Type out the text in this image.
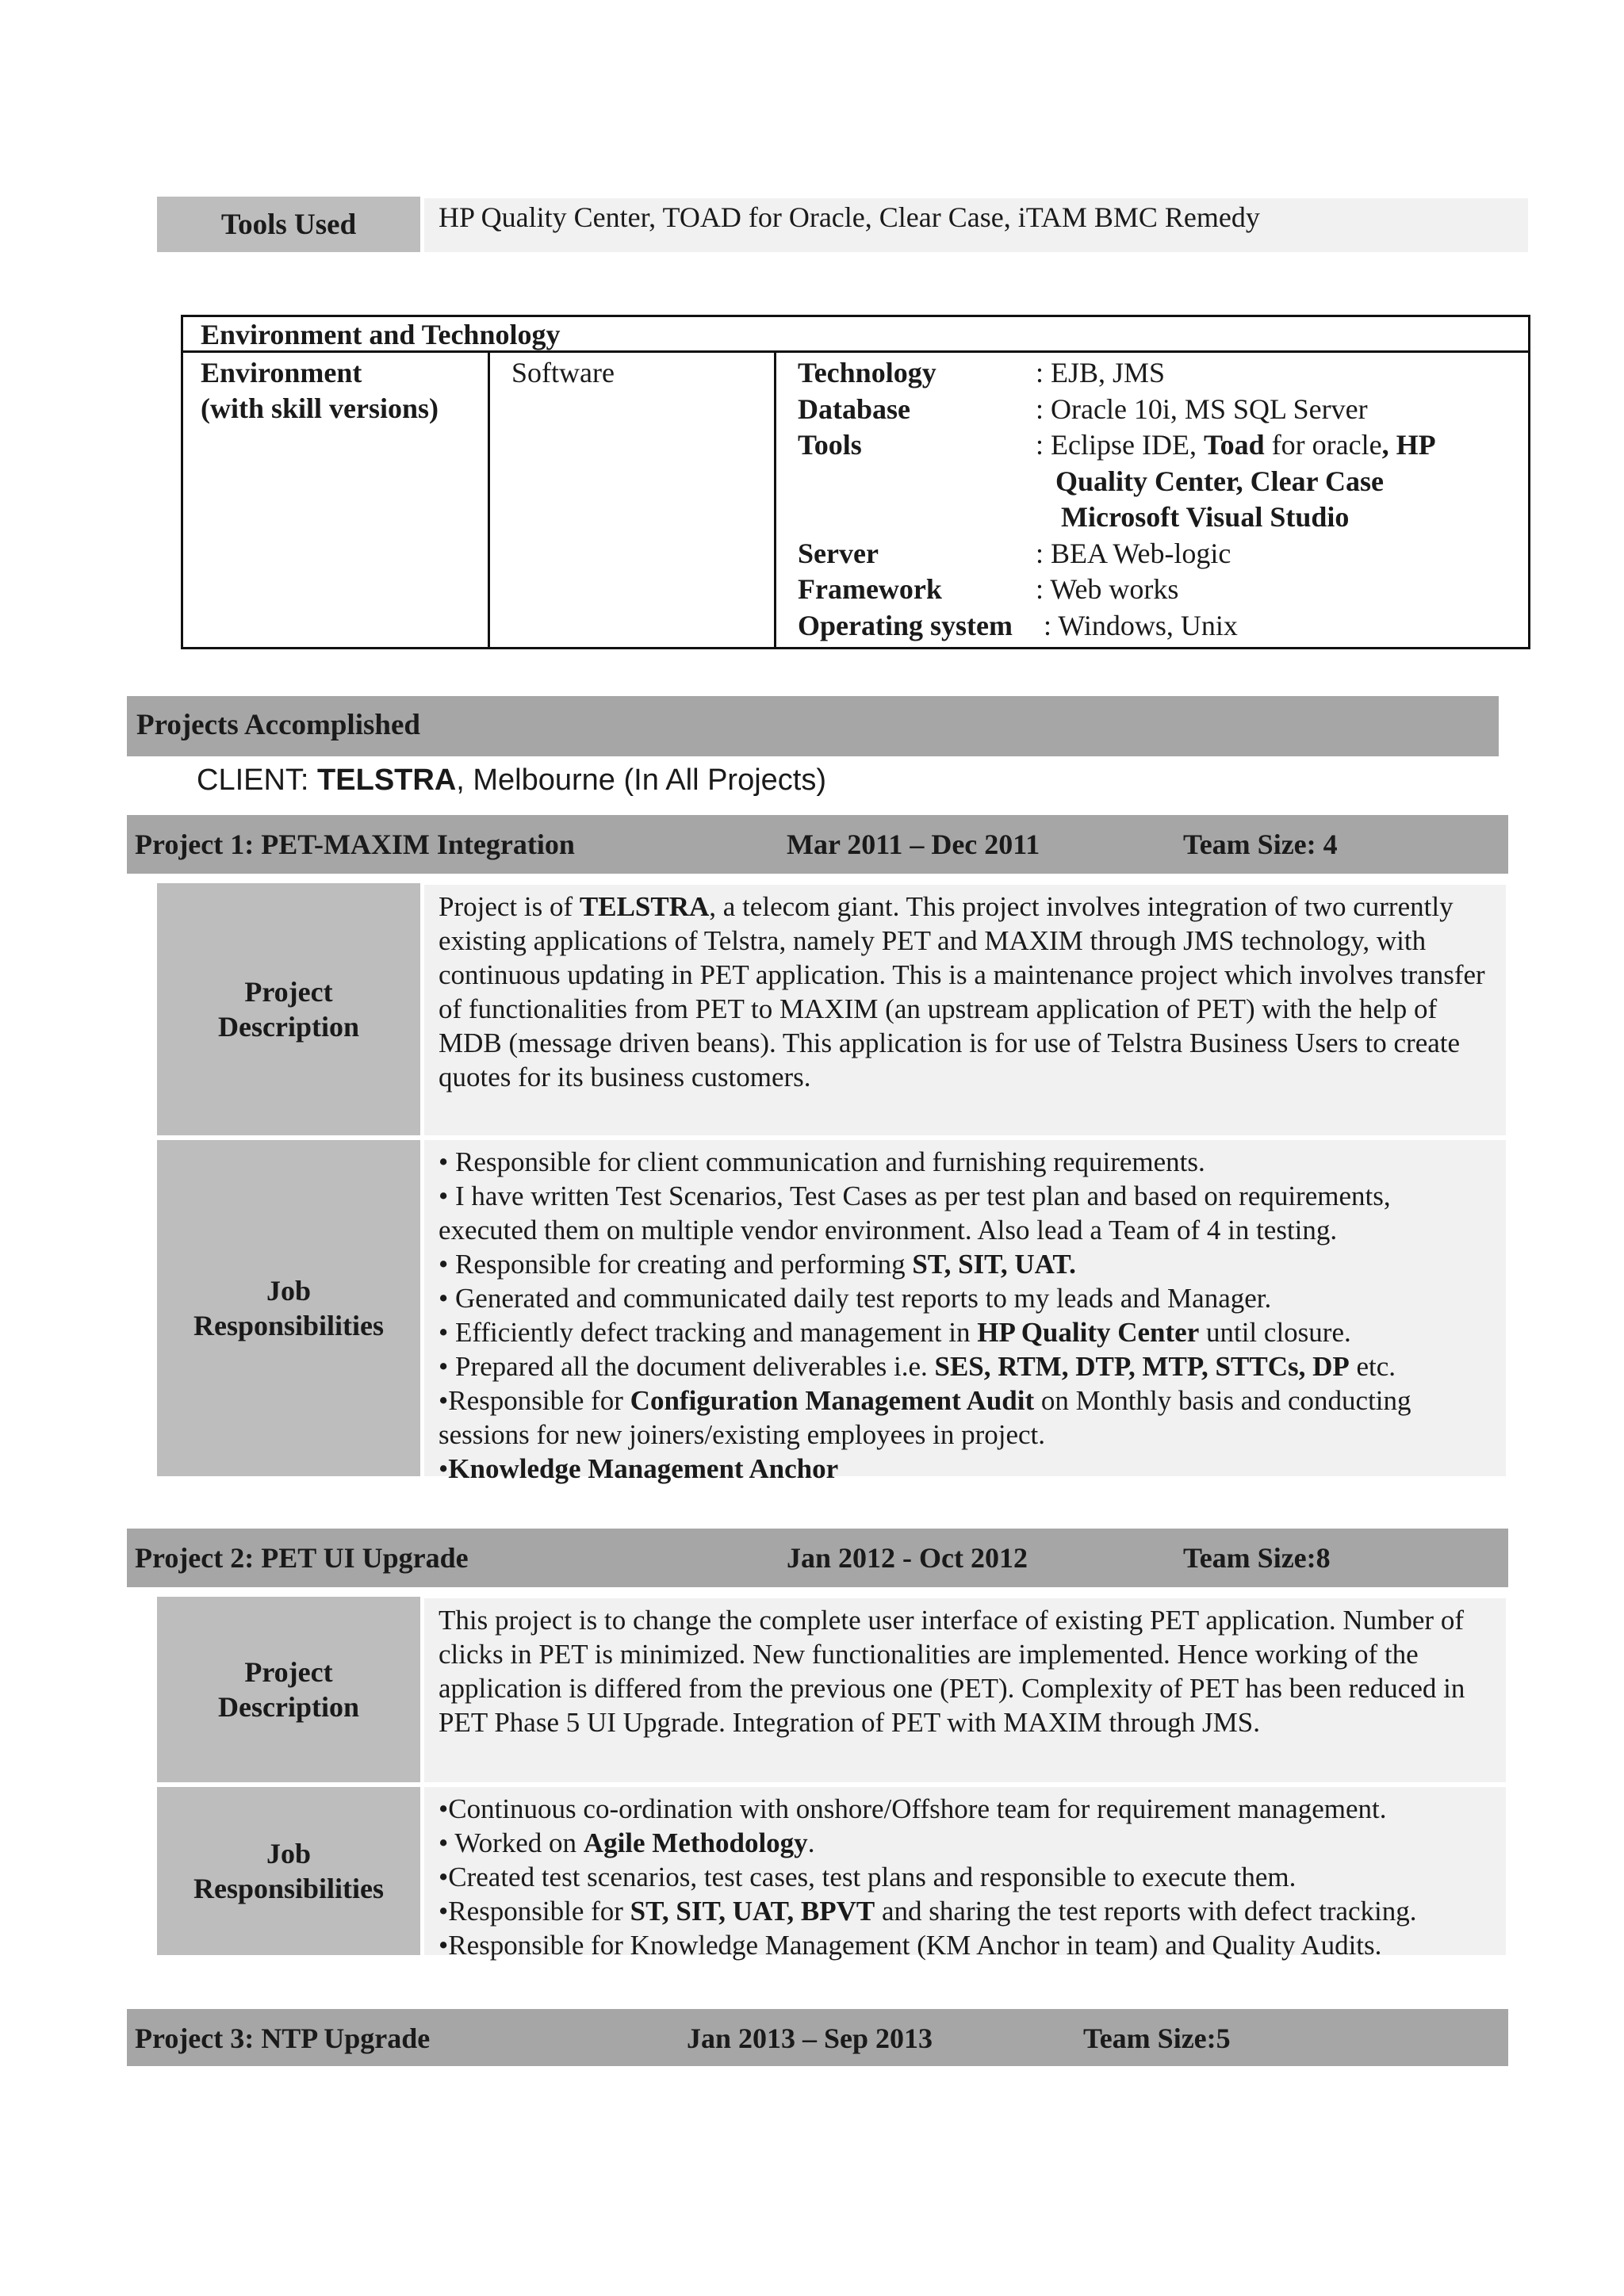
Tools Used	HP Quality Center, TOAD for Oracle, Clear Case, iTAM BMC Remedy
Environment and Technology
Environment
(with skill versions)
Software	Technology	: EJB, JMS
Database	: Oracle 10i, MS SQL Server
Tools	: Eclipse IDE, Toad for oracle, HP
Quality Center, Clear Case
Microsoft Visual Studio
Server	: BEA Web-logic
Framework	: Web works
Operating system	: Windows, Unix
Projects Accomplished
CLIENT: TELSTRA, Melbourne (In All Projects)
Project 1: PET-MAXIM Integration	Mar 2011 – Dec 2011	Team Size: 4
Project
Description

Project is of TELSTRA, a telecom giant. This project involves integration of two currently existing applications of Telstra, namely PET and MAXIM through JMS technology, with continuous updating in PET application. This is a maintenance project which involves transfer of functionalities from PET to MAXIM (an upstream application of PET) with the help of MDB (message driven beans). This application is for use of Telstra Business Users to create quotes for its business customers.

Job
Responsibilities

• Responsible for client communication and furnishing requirements.

• I have written Test Scenarios, Test Cases as per test plan and based on requirements, executed them on multiple vendor environment. Also lead a Team of 4 in testing.

• Responsible for creating and performing ST, SIT, UAT.

• Generated and communicated daily test reports to my leads and Manager.

• Efficiently defect tracking and management in HP Quality Center until closure.

• Prepared all the document deliverables i.e. SES, RTM, DTP, MTP, STTCs, DP etc.

•Responsible for Configuration Management Audit on Monthly basis and conducting sessions for new joiners/existing employees in project.

•Knowledge Management Anchor

Project 2: PET UI Upgrade	Jan 2012 - Oct 2012	Team Size:8
Project
Description

This project is to change the complete user interface of existing PET application. Number of clicks in PET is minimized. New functionalities are implemented. Hence working of the application is differed from the previous one (PET). Complexity of PET has been reduced in PET Phase 5 UI Upgrade. Integration of PET with MAXIM through JMS.

Job
Responsibilities

•Continuous co-ordination with onshore/Offshore team for requirement management.

• Worked on Agile Methodology.

•Created test scenarios, test cases, test plans and responsible to execute them.

•Responsible for ST, SIT, UAT, BPVT and sharing the test reports with defect tracking.

•Responsible for Knowledge Management (KM Anchor in team) and Quality Audits.

Project 3: NTP Upgrade	Jan 2013 – Sep 2013	Team Size:5
